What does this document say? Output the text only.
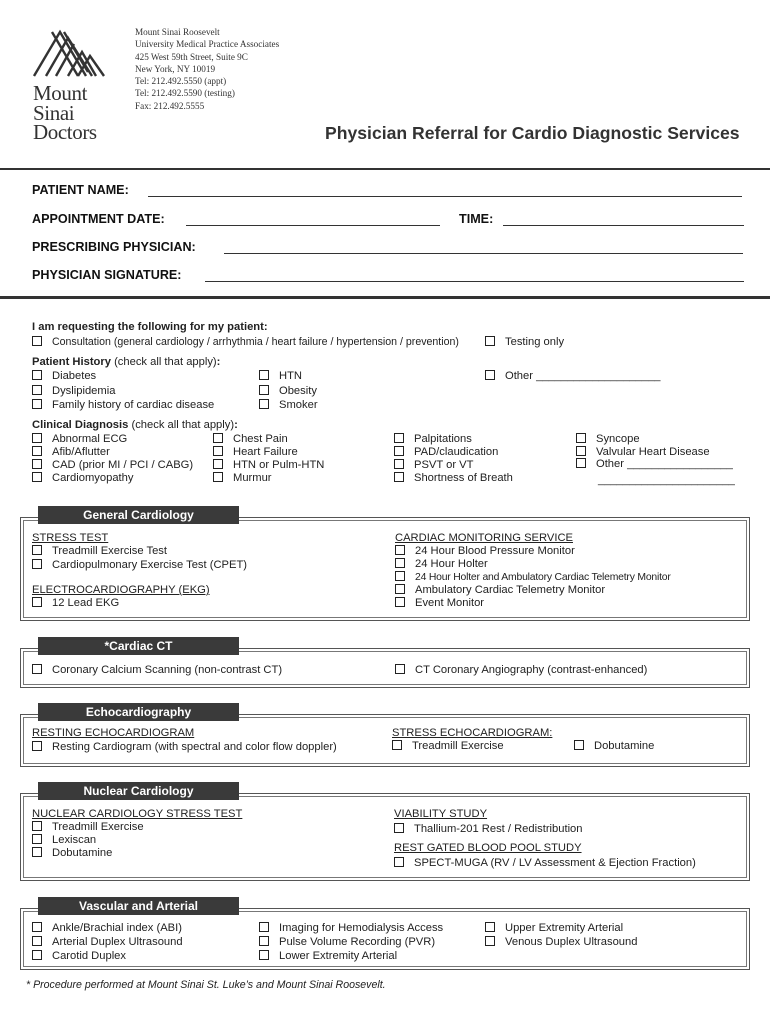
Mount
Sinai
Doctors
Mount Sinai Roosevelt
University Medical Practice Associates
425 West 59th Street, Suite 9C
New York, NY 10019
Tel: 212.492.5550 (appt)
Tel: 212.492.5590 (testing)
Fax: 212.492.5555
Physician Referral for Cardio Diagnostic Services
PATIENT NAME:
APPOINTMENT DATE:	TIME:
PRESCRIBING PHYSICIAN:
PHYSICIAN SIGNATURE:
I am requesting the following for my patient:
Consultation (general cardiology / arrhythmia / heart failure / hypertension / prevention)	Testing only
Patient History (check all that apply):
Diabetes
Dyslipidemia
Family history of cardiac disease
HTN
Obesity
Smoker
Other ____________________
Clinical Diagnosis (check all that apply):
Abnormal ECG
Afib/Aflutter
CAD (prior MI / PCI / CABG)
Cardiomyopathy
Chest Pain
Heart Failure
HTN or Pulm-HTN
Murmur
Palpitations
PAD/claudication
PSVT or VT
Shortness of Breath
Syncope
Valvular Heart Disease
Other _________________
______________________
General Cardiology
STRESS TEST
Treadmill Exercise Test
Cardiopulmonary Exercise Test (CPET)
ELECTROCARDIOGRAPHY (EKG)
12 Lead EKG
CARDIAC MONITORING SERVICE
24 Hour Blood Pressure Monitor
24 Hour Holter
24 Hour Holter and Ambulatory Cardiac Telemetry Monitor
Ambulatory Cardiac Telemetry Monitor
Event Monitor
*Cardiac CT
Coronary Calcium Scanning (non-contrast CT)	CT Coronary Angiography (contrast-enhanced)
Echocardiography
RESTING ECHOCARDIOGRAM
Resting Cardiogram (with spectral and color flow doppler)
STRESS ECHOCARDIOGRAM:
Treadmill Exercise	Dobutamine
Nuclear Cardiology
NUCLEAR CARDIOLOGY STRESS TEST
Treadmill Exercise
Lexiscan
Dobutamine
VIABILITY STUDY
Thallium-201 Rest / Redistribution
REST GATED BLOOD POOL STUDY
SPECT-MUGA (RV / LV Assessment & Ejection Fraction)
Vascular and Arterial
Ankle/Brachial index (ABI)
Arterial Duplex Ultrasound
Carotid Duplex
Imaging for Hemodialysis Access
Pulse Volume Recording (PVR)
Lower Extremity Arterial
Upper Extremity Arterial
Venous Duplex Ultrasound
* Procedure performed at Mount Sinai St. Luke’s and Mount Sinai Roosevelt.
